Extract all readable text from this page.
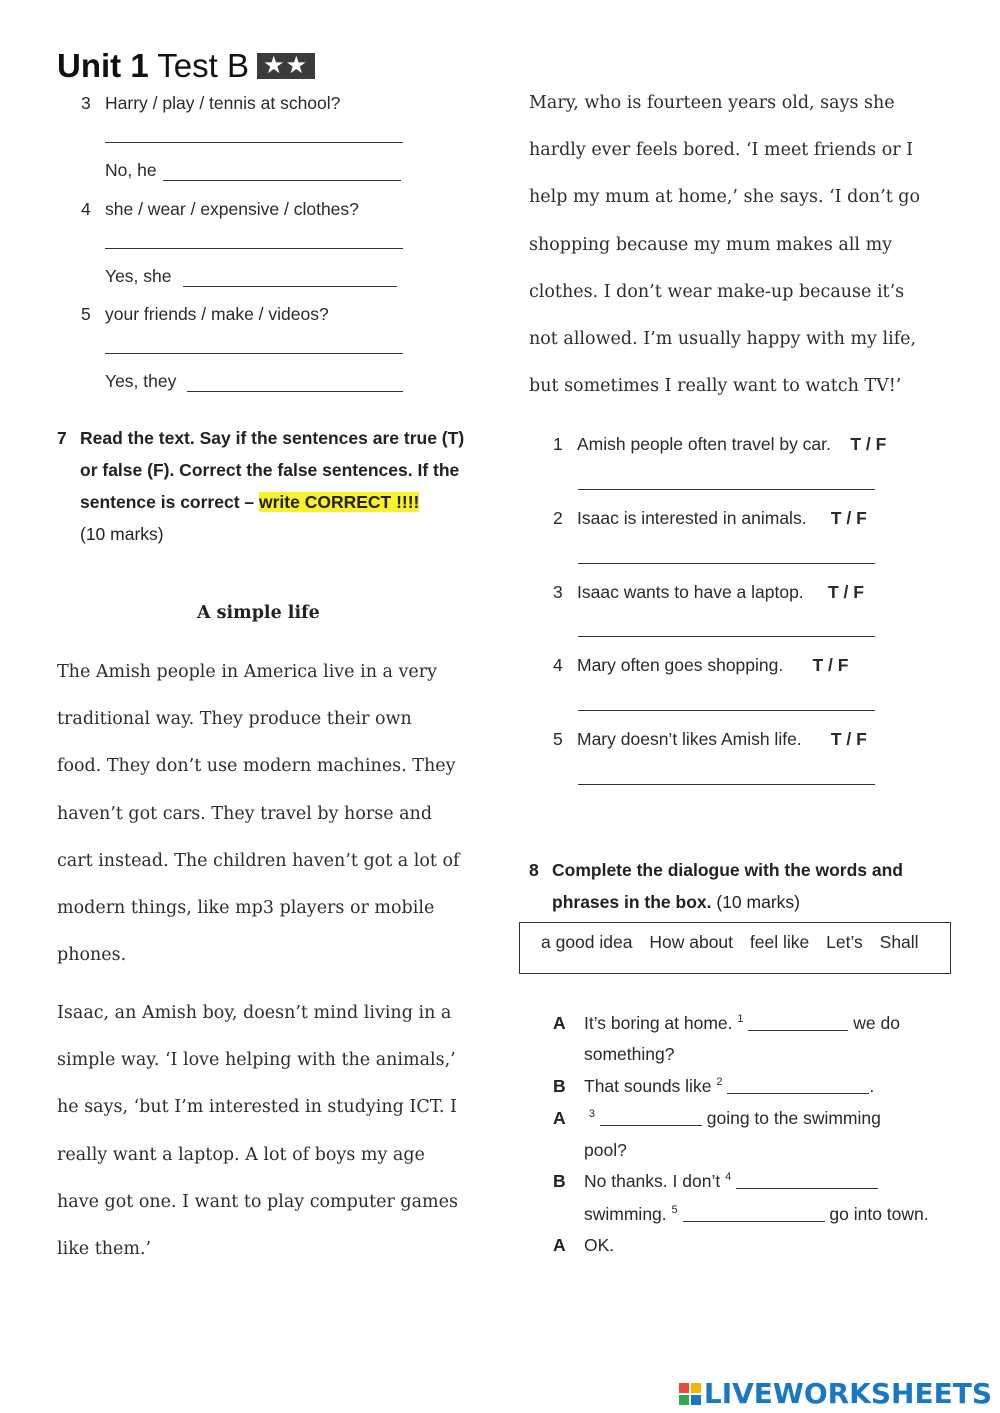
Unit 1 Test B ★★
3 Harry / play / tennis at school?
No, he
4 she / wear / expensive / clothes?
Yes, she
5 your friends / make / videos?
Yes, they
7 Read the text. Say if the sentences are true (T) or false (F). Correct the false sentences. If the sentence is correct – write CORRECT !!!!
(10 marks)
A simple life
The Amish people in America live in a very
traditional way. They produce their own
food. They don’t use modern machines. They
haven’t got cars. They travel by horse and
cart instead. The children haven’t got a lot of
modern things, like mp3 players or mobile
phones.
Isaac, an Amish boy, doesn’t mind living in a
simple way. ‘I love helping with the animals,’
he says, ‘but I’m interested in studying ICT. I
really want a laptop. A lot of boys my age
have got one. I want to play computer games
like them.’
Mary, who is fourteen years old, says she
hardly ever feels bored. ‘I meet friends or I
help my mum at home,’ she says. ‘I don’t go
shopping because my mum makes all my
clothes. I don’t wear make-up because it’s
not allowed. I’m usually happy with my life,
but sometimes I really want to watch TV!’
1 Amish people often travel by car. T / F
2 Isaac is interested in animals. T / F
3 Isaac wants to have a laptop. T / F
4 Mary often goes shopping. T / F
5 Mary doesn’t likes Amish life. T / F
8 Complete the dialogue with the words and
phrases in the box. (10 marks)
a good idea How about feel like Let’s Shall
A It’s boring at home. $^1$	we do
something?
B That sounds like $^2$	.
A	$^3$	going to the swimming
pool?
B No thanks. I don’t $^4$
swimming. $^5$	go into town.
A OK.
LIVEWORKSHEETS
